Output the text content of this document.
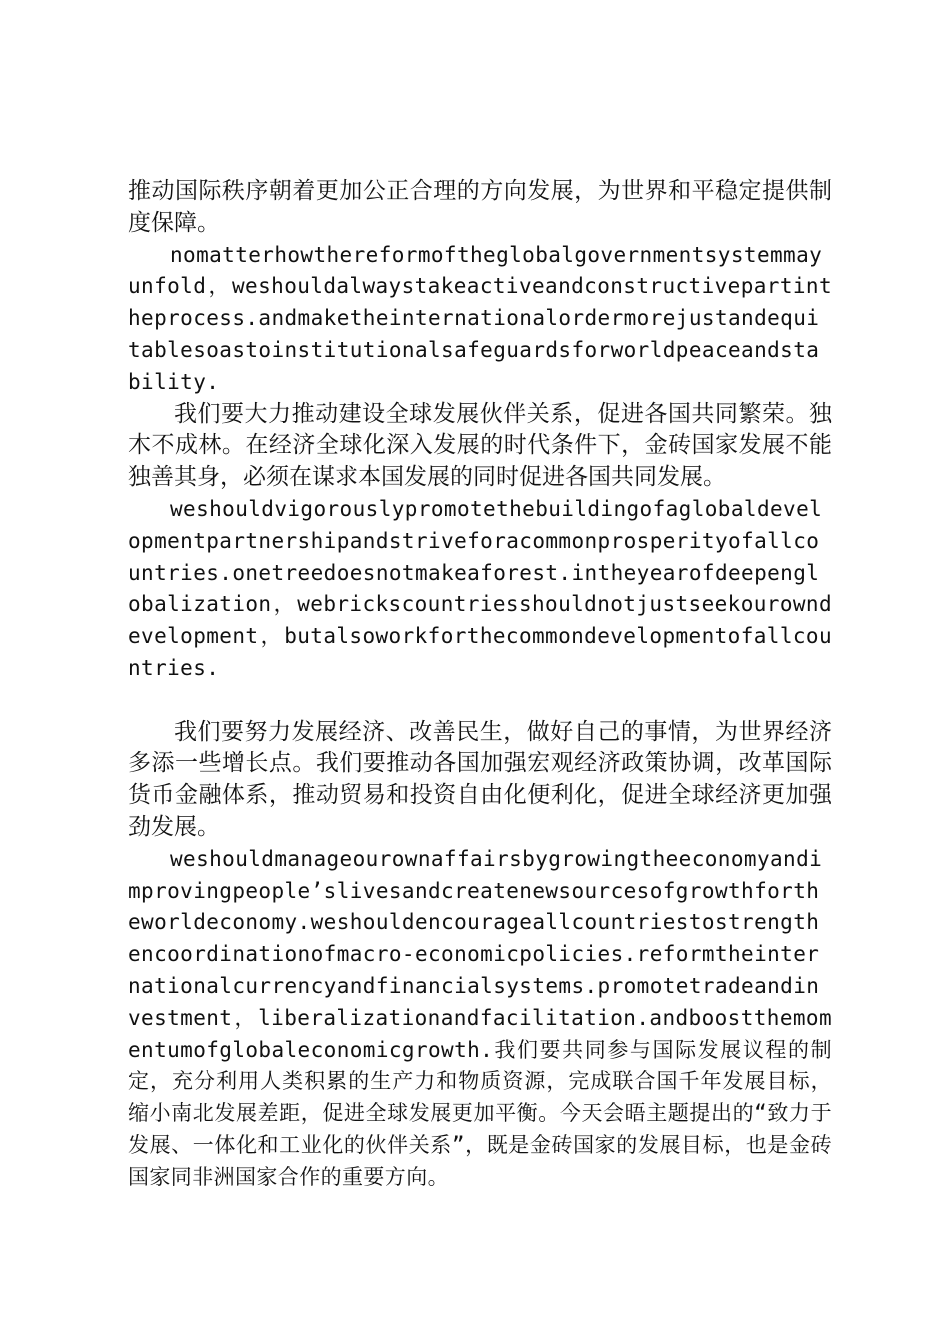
推动国际秩序朝着更加公正合理的方向发展，为世界和平稳定提供制度保障。

nomatterhowthereformoftheglobalgovernmentsystemmayunfold，weshouldalwaystakeactiveandconstructivepartintheprocess.andmaketheinternationalordermorejustandequitablesoastoinstitutionalsafeguardsforworldpeaceandstability.

我们要大力推动建设全球发展伙伴关系，促进各国共同繁荣。独木不成林。在经济全球化深入发展的时代条件下，金砖国家发展不能独善其身，必须在谋求本国发展的同时促进各国共同发展。

weshouldvigorouslypromotethebuildingofaglobaldevelopmentpartnershipandstriveforacommonprosperityofallcountries.onetreedoesnotmakeaforest.intheyearofdeepenglobalization，webrickscountriesshouldnotjustseekourowndevelopment，butalsoworkforthecommondevelopmentofallcountries.

我们要努力发展经济、改善民生，做好自己的事情，为世界经济多添一些增长点。我们要推动各国加强宏观经济政策协调，改革国际货币金融体系，推动贸易和投资自由化便利化，促进全球经济更加强劲发展。

weshouldmanageourownaffairsbygrowingtheeconomyandimprovingpeople’slivesandcreatenewsourcesofgrowthfortheworldeconomy.weshouldencourageallcountriestostrengthencoordinationofmacro-economicpolicies.reformtheinternationalcurrencyandfinancialsystems.promotetradeandinvestment，liberalizationandfacilitation.andboostthemomentumofglobaleconomicgrowth.我们要共同参与国际发展议程的制定，充分利用人类积累的生产力和物质资源，完成联合国千年发展目标，缩小南北发展差距，促进全球发展更加平衡。今天会晤主题提出的“致力于发展、一体化和工业化的伙伴关系”，既是金砖国家的发展目标，也是金砖国家同非洲国家合作的重要方向。
